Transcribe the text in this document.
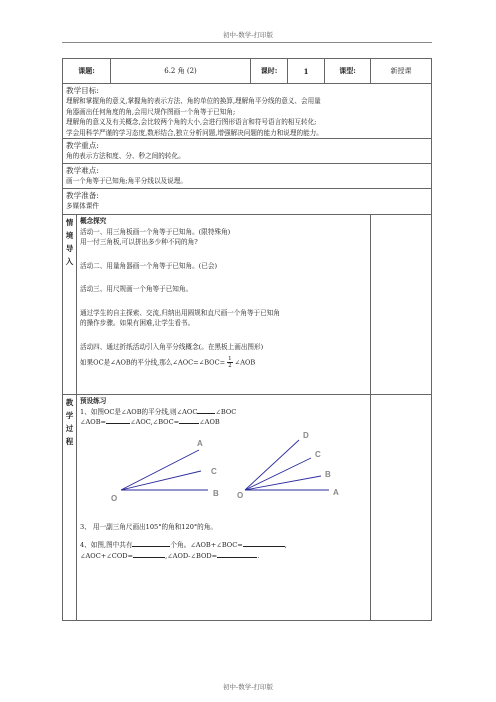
初中-数学-打印版
课题:	6.2 角 (2)	课时:	1	课型:	新授课
教学目标:
理解和掌握角的意义,掌握角的表示方法、角的单位的换算,理解角平分线的意义、会用量
角器画出任何角度的角,会用尺规作图画一个角等于已知角;
理解角的意义及有关概念,会比较两个角的大小,会进行图形语言和符号语言的相互转化;
学会用科学严谨的学习态度,数形结合,独立分析问题,增强解决问题的能力和说理的能力。
教学重点:
角的表示方法和度、分、秒之间的转化。
教学难点:
画一个角等于已知角;角平分线以及说理。
教学准备:
多媒体课件
情
境
导
入
概念探究
活动一、用三角板画一个角等于已知角。(限特殊角)
用一付三角板,可以拼出多少种不同的角?
活动二、用量角器画一个角等于已知角。(已会)
活动三、用尺规画一个角等于已知角。
通过学生的自主探索、交流,归纳出用圆规和直尺画一个角等于已知角
的操作步骤。如果有困难,让学生看书。
活动四、通过折纸活动引入角平分线概念(。在黑板上画出图形)
如果OC是∠AOB的平分线,那么∠AOC=∠BOC= $\frac{1}{2}$ ∠AOB
教
学
过
程
预设练习
1、如图OC是∠AOB的平分线,则∠AOC	∠BOC
∠AOB=	∠AOC,∠BOC=	∠AOB
O
A
C
B O
D
C
B
A
3、 用一副三角尺画出105°的角和120°的角。
4、如图,图中共有	个角。∠AOB+∠BOC=	,
∠AOC+∠COD=	,∠AOD-∠BOD=	.
初中-数学-打印版
